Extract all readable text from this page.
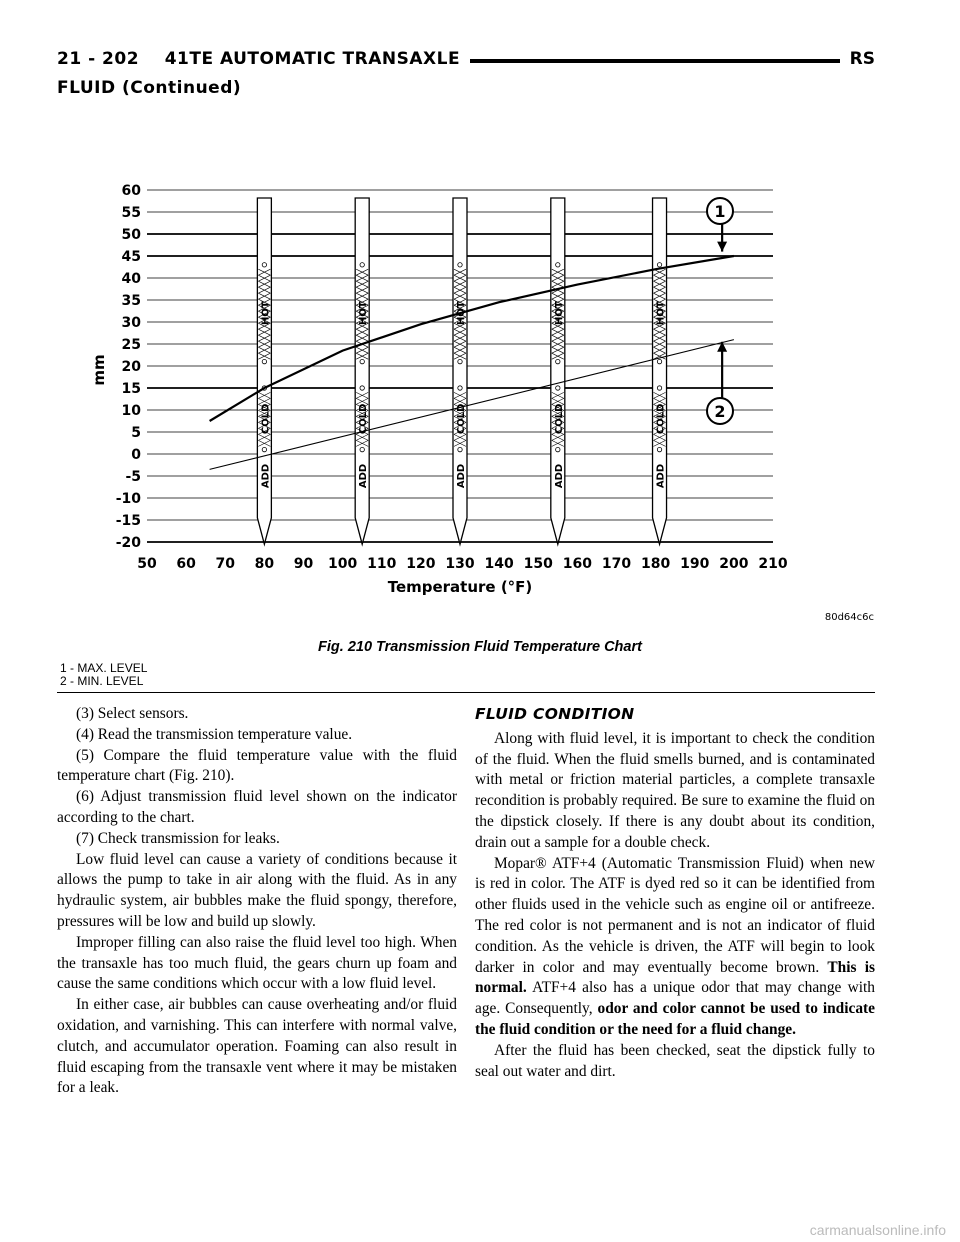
21 - 202    41TE AUTOMATIC TRANSAXLE	RS
FLUID (Continued)
60
55
50
45
40
35
30
25
20
15
10
5
0
-5
-10
-15
-20
50 60 70 80 90 100 110 120 130 140 150 160 170 180 190 200 210
HOT
COLD
ADD
HOT
COLD
ADD
HOT
COLD
ADD
HOT
COLD
ADD
HOT
COLD
ADD
1
2
mm
Temperature (°F)
80d64c6c
Fig. 210 Transmission Fluid Temperature Chart
1 - MAX. LEVEL
2 - MIN. LEVEL

(3) Select sensors.

(4) Read the transmission temperature value.

(5) Compare the fluid temperature value with the fluid temperature chart (Fig. 210).

(6) Adjust transmission fluid level shown on the indicator according to the chart.

(7) Check transmission for leaks.

Low fluid level can cause a variety of conditions because it allows the pump to take in air along with the fluid. As in any hydraulic system, air bubbles make the fluid spongy, therefore, pressures will be low and build up slowly.

Improper filling can also raise the fluid level too high. When the transaxle has too much fluid, the gears churn up foam and cause the same conditions which occur with a low fluid level.

In either case, air bubbles can cause overheating and/or fluid oxidation, and varnishing. This can interfere with normal valve, clutch, and accumulator operation. Foaming can also result in fluid escaping from the transaxle vent where it may be mistaken for a leak.

FLUID CONDITION

Along with fluid level, it is important to check the condition of the fluid. When the fluid smells burned, and is contaminated with metal or friction material particles, a complete transaxle recondition is probably required. Be sure to examine the fluid on the dipstick closely. If there is any doubt about its condition, drain out a sample for a double check.

Mopar® ATF+4 (Automatic Transmission Fluid) when new is red in color. The ATF is dyed red so it can be identified from other fluids used in the vehicle such as engine oil or antifreeze. The red color is not permanent and is not an indicator of fluid condition. As the vehicle is driven, the ATF will begin to look darker in color and may eventually become brown. This is normal. ATF+4 also has a unique odor that may change with age. Consequently, odor and color cannot be used to indicate the fluid condition or the need for a fluid change.

After the fluid has been checked, seat the dipstick fully to seal out water and dirt.

carmanualsonline.info
